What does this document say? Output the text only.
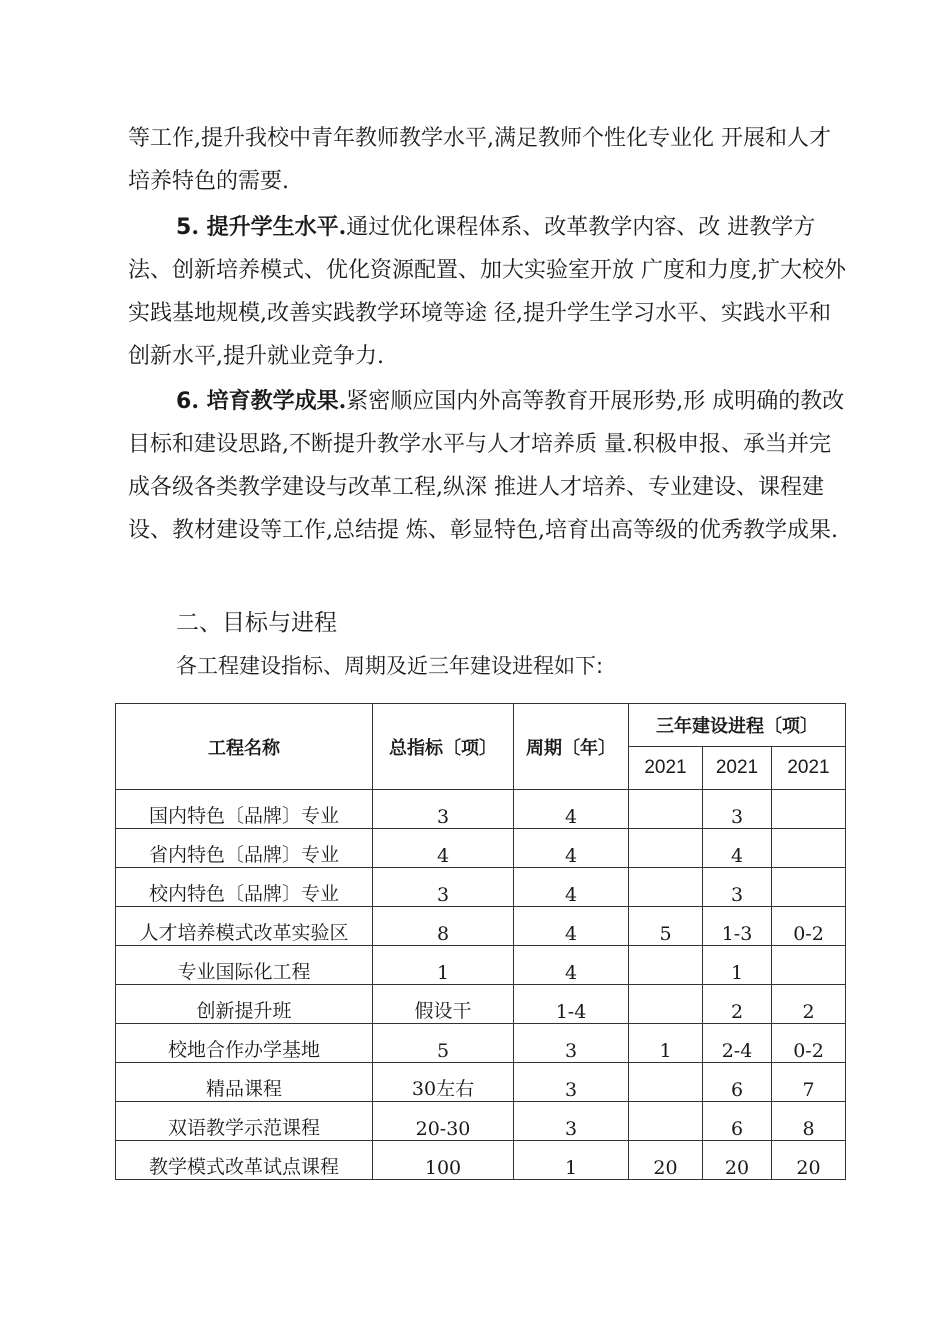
等工作,提升我校中青年教师教学水平,满足教师个性化专业化 开展和人才培养特色的需要.

5. 提升学生水平.通过优化课程体系、改革教学内容、改 进教学方法、创新培养模式、优化资源配置、加大实验室开放 广度和力度,扩大校外实践基地规模,改善实践教学环境等途 径,提升学生学习水平、实践水平和创新水平,提升就业竞争力.

6. 培育教学成果.紧密顺应国内外高等教育开展形势,形 成明确的教改目标和建设思路,不断提升教学水平与人才培养质 量.积极申报、承当并完成各级各类教学建设与改革工程,纵深 推进人才培养、专业建设、课程建设、教材建设等工作,总结提 炼、彰显特色,培育出高等级的优秀教学成果.

二、目标与进程

各工程建设指标、周期及近三年建设进程如下:

工程名称	总指标〔项〕	周期〔年〕	三年建设进程〔项〕		
			2021	2021	2021
国内特色〔品牌〕专业	3	4		3	
省内特色〔品牌〕专业	4	4		4	
校内特色〔品牌〕专业	3	4		3	
人才培养模式改革实验区	8	4	5	1-3	0-2
专业国际化工程	1	4		1	
创新提升班	假设干	1-4		2	2
校地合作办学基地	5	3	1	2-4	0-2
精品课程	30左右	3		6	7
双语教学示范课程	20-30	3		6	8
教学模式改革试点课程	100	1	20	20	20
